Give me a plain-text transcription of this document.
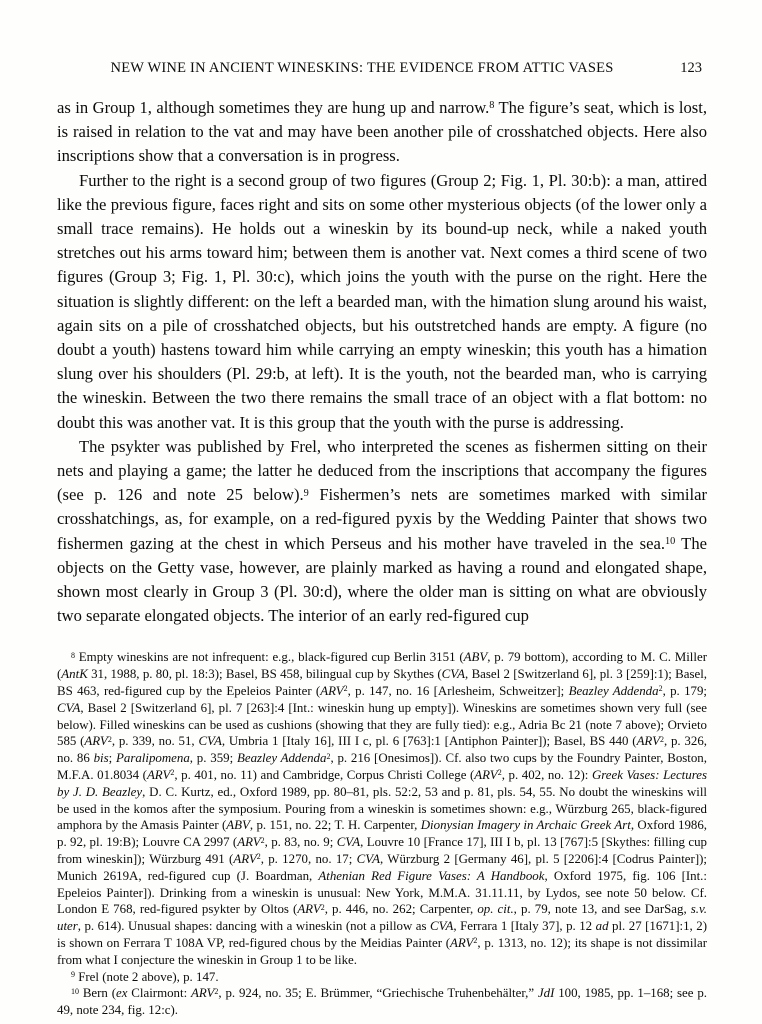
NEW WINE IN ANCIENT WINESKINS: THE EVIDENCE FROM ATTIC VASES	123

as in Group 1, although sometimes they are hung up and narrow.$^8$ The figure’s seat, which is lost, is raised in relation to the vat and may have been another pile of crosshatched objects. Here also inscriptions show that a conversation is in progress.

Further to the right is a second group of two figures (Group 2; Fig. 1, Pl. 30:b): a man, attired like the previous figure, faces right and sits on some other mysterious objects (of the lower only a small trace remains). He holds out a wineskin by its bound-up neck, while a naked youth stretches out his arms toward him; between them is another vat. Next comes a third scene of two figures (Group 3; Fig. 1, Pl. 30:c), which joins the youth with the purse on the right. Here the situation is slightly different: on the left a bearded man, with the himation slung around his waist, again sits on a pile of crosshatched objects, but his outstretched hands are empty. A figure (no doubt a youth) hastens toward him while carrying an empty wineskin; this youth has a himation slung over his shoulders (Pl. 29:b, at left). It is the youth, not the bearded man, who is carrying the wineskin. Between the two there remains the small trace of an object with a flat bottom: no doubt this was another vat. It is this group that the youth with the purse is addressing.

The psykter was published by Frel, who interpreted the scenes as fishermen sitting on their nets and playing a game; the latter he deduced from the inscriptions that accompany the figures (see p. 126 and note 25 below).$^9$ Fishermen’s nets are sometimes marked with similar crosshatchings, as, for example, on a red-figured pyxis by the Wedding Painter that shows two fishermen gazing at the chest in which Perseus and his mother have traveled in the sea.$^{10}$ The objects on the Getty vase, however, are plainly marked as having a round and elongated shape, shown most clearly in Group 3 (Pl. 30:d), where the older man is sitting on what are obviously two separate elongated objects. The interior of an early red-figured cup

$^8$ Empty wineskins are not infrequent: e.g., black-figured cup Berlin 3151 (ABV, p. 79 bottom), according to M. C. Miller (AntK 31, 1988, p. 80, pl. 18:3); Basel, BS 458, bilingual cup by Skythes (CVA, Basel 2 [Switzerland 6], pl. 3 [259]:1); Basel, BS 463, red-figured cup by the Epeleios Painter (ARV$^2$, p. 147, no. 16 [Arlesheim, Schweitzer]; Beazley Addenda$^2$, p. 179; CVA, Basel 2 [Switzerland 6], pl. 7 [263]:4 [Int.: wineskin hung up empty]). Wineskins are sometimes shown very full (see below). Filled wineskins can be used as cushions (showing that they are fully tied): e.g., Adria Bc 21 (note 7 above); Orvieto 585 (ARV$^2$, p. 339, no. 51, CVA, Umbria 1 [Italy 16], III I c, pl. 6 [763]:1 [Antiphon Painter]); Basel, BS 440 (ARV$^2$, p. 326, no. 86 bis; Paralipomena, p. 359; Beazley Addenda$^2$, p. 216 [Onesimos]). Cf. also two cups by the Foundry Painter, Boston, M.F.A. 01.8034 (ARV$^2$, p. 401, no. 11) and Cambridge, Corpus Christi College (ARV$^2$, p. 402, no. 12): Greek Vases: Lectures by J. D. Beazley, D. C. Kurtz, ed., Oxford 1989, pp. 80–81, pls. 52:2, 53 and p. 81, pls. 54, 55. No doubt the wineskins will be used in the komos after the symposium. Pouring from a wineskin is sometimes shown: e.g., Würzburg 265, black-figured amphora by the Amasis Painter (ABV, p. 151, no. 22; T. H. Carpenter, Dionysian Imagery in Archaic Greek Art, Oxford 1986, p. 92, pl. 19:B); Louvre CA 2997 (ARV$^2$, p. 83, no. 9; CVA, Louvre 10 [France 17], III I b, pl. 13 [767]:5 [Skythes: filling cup from wineskin]); Würzburg 491 (ARV$^2$, p. 1270, no. 17; CVA, Würzburg 2 [Germany 46], pl. 5 [2206]:4 [Codrus Painter]); Munich 2619A, red-figured cup (J. Boardman, Athenian Red Figure Vases: A Handbook, Oxford 1975, fig. 106 [Int.: Epeleios Painter]). Drinking from a wineskin is unusual: New York, M.M.A. 31.11.11, by Lydos, see note 50 below. Cf. London E 768, red-figured psykter by Oltos (ARV$^2$, p. 446, no. 262; Carpenter, op. cit., p. 79, note 13, and see DarSag, s.v. uter, p. 614). Unusual shapes: dancing with a wineskin (not a pillow as CVA, Ferrara 1 [Italy 37], p. 12 ad pl. 27 [1671]:1, 2) is shown on Ferrara T 108A VP, red-figured chous by the Meidias Painter (ARV$^2$, p. 1313, no. 12); its shape is not dissimilar from what I conjecture the wineskin in Group 1 to be like.

$^9$ Frel (note 2 above), p. 147.

$^{10}$ Bern (ex Clairmont: ARV$^2$, p. 924, no. 35; E. Brümmer, “Griechische Truhenbehälter,” JdI 100, 1985, pp. 1–168; see p. 49, note 234, fig. 12:c).
